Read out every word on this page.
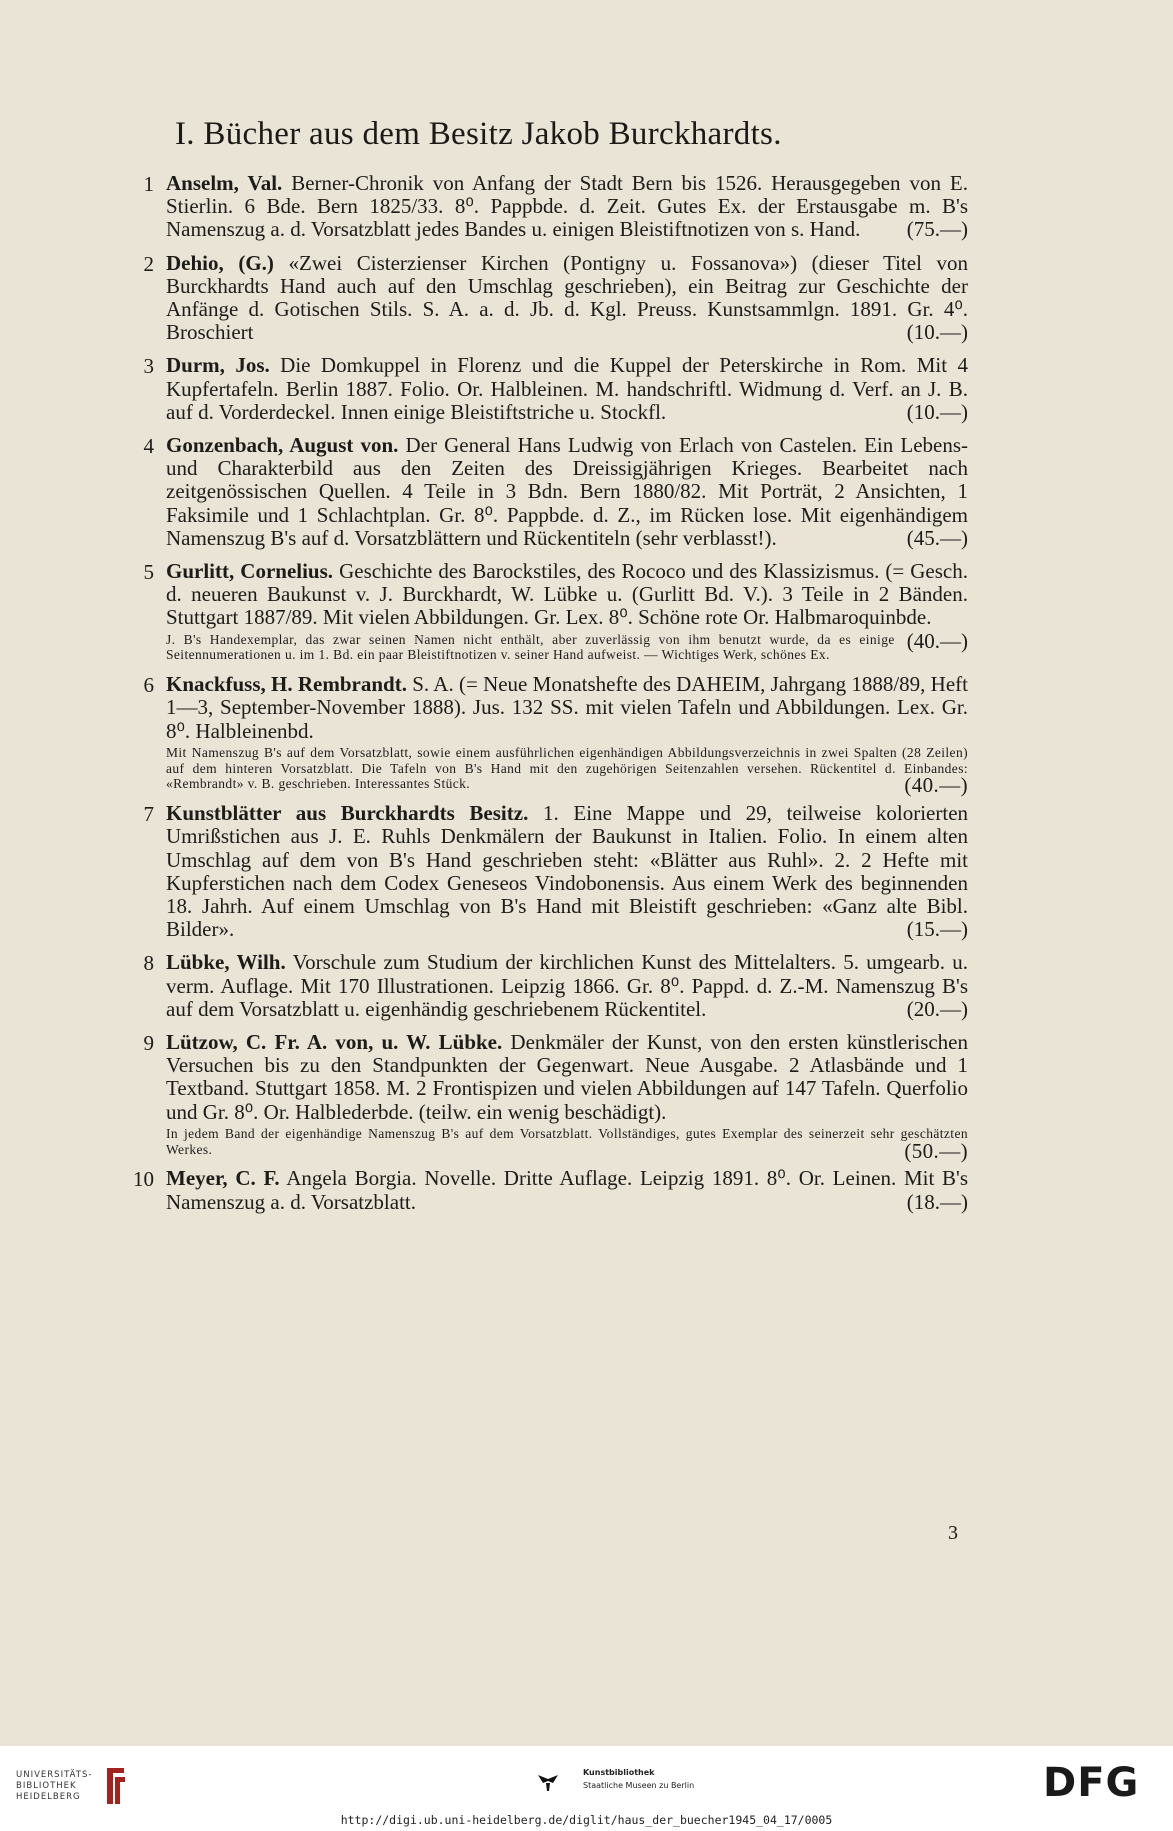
I. Bücher aus dem Besitz Jakob Burckhardts.
1 Anselm, Val. Berner-Chronik von Anfang der Stadt Bern bis 1526. Herausgegeben von E. Stierlin. 6 Bde. Bern 1825/33. 8⁰. Pappbde. d. Zeit. Gutes Ex. der Erstausgabe m. B's Namenszug a. d. Vorsatzblatt jedes Bandes u. einigen Bleistiftnotizen von s. Hand. (75.—)
2 Dehio, (G.) «Zwei Cisterzienser Kirchen (Pontigny u. Fossanova») (dieser Titel von Burckhardts Hand auch auf den Umschlag geschrieben), ein Beitrag zur Geschichte der Anfänge d. Gotischen Stils. S. A. a. d. Jb. d. Kgl. Preuss. Kunstsammlgn. 1891. Gr. 4⁰. Broschiert	(10.—)
3 Durm, Jos. Die Domkuppel in Florenz und die Kuppel der Peterskirche in Rom. Mit 4 Kupfertafeln. Berlin 1887. Folio. Or. Halbleinen. M. handschriftl. Widmung d. Verf. an J. B. auf d. Vorderdeckel. Innen einige Bleistiftstriche u. Stockfl.	(10.—)
4 Gonzenbach, August von. Der General Hans Ludwig von Erlach von Castelen. Ein Lebens- und Charakterbild aus den Zeiten des Dreissigjährigen Krieges. Bearbeitet nach zeitgenössischen Quellen. 4 Teile in 3 Bdn. Bern 1880/82. Mit Porträt, 2 Ansichten, 1 Faksimile und 1 Schlachtplan. Gr. 8⁰. Pappbde. d. Z., im Rücken lose. Mit eigenhändigem Namenszug B's auf d. Vorsatzblättern und Rückentiteln (sehr verblasst!).	(45.—)
5 Gurlitt, Cornelius. Geschichte des Barockstiles, des Rococo und des Klassizismus. (= Gesch. d. neueren Baukunst v. J. Burckhardt, W. Lübke u. (Gurlitt Bd. V.). 3 Teile in 2 Bänden. Stuttgart 1887/89. Mit vielen Abbildungen. Gr. Lex. 8⁰. Schöne rote Or. Halbmaroquinbde.
(40.—)
J. B's Handexemplar, das zwar seinen Namen nicht enthält, aber zuverlässig von ihm benutzt wurde, da es einige Seitennumerationen u. im 1. Bd. ein paar Bleistiftnotizen v. seiner Hand aufweist. — Wichtiges Werk, schönes Ex.
6 Knackfuss, H. Rembrandt. S. A. (= Neue Monatshefte des DAHEIM, Jahrgang 1888/89, Heft 1—3, September-November 1888). Jus. 132 SS. mit vielen Tafeln und Abbildungen. Lex. Gr. 8⁰. Halbleinenbd.
Mit Namenszug B's auf dem Vorsatzblatt, sowie einem ausführlichen eigenhändigen Abbildungsverzeichnis in zwei Spalten (28 Zeilen) auf dem hinteren Vorsatzblatt. Die Tafeln von B's Hand mit den zugehörigen Seitenzahlen versehen. Rückentitel d. Einbandes: «Rembrandt» v. B. geschrieben. Interessantes Stück.	(40.—)
7 Kunstblätter aus Burckhardts Besitz. 1. Eine Mappe und 29, teilweise kolorierten Umrißstichen aus J. E. Ruhls Denkmälern der Baukunst in Italien. Folio. In einem alten Umschlag auf dem von B's Hand geschrieben steht: «Blätter aus Ruhl». 2. 2 Hefte mit Kupferstichen nach dem Codex Geneseos Vindobonensis. Aus einem Werk des beginnenden 18. Jahrh. Auf einem Umschlag von B's Hand mit Bleistift geschrieben: «Ganz alte Bibl. Bilder».	(15.—)
8 Lübke, Wilh. Vorschule zum Studium der kirchlichen Kunst des Mittelalters. 5. umgearb. u. verm. Auflage. Mit 170 Illustrationen. Leipzig 1866. Gr. 8⁰. Pappd. d. Z.-M. Namenszug B's auf dem Vorsatzblatt u. eigenhändig geschriebenem Rückentitel.	(20.—)
9 Lützow, C. Fr. A. von, u. W. Lübke. Denkmäler der Kunst, von den ersten künstlerischen Versuchen bis zu den Standpunkten der Gegenwart. Neue Ausgabe. 2 Atlasbände und 1 Textband. Stuttgart 1858. M. 2 Frontispizen und vielen Abbildungen auf 147 Tafeln. Querfolio und Gr. 8⁰. Or. Halblederbde. (teilw. ein wenig beschädigt).
In jedem Band der eigenhändige Namenszug B's auf dem Vorsatzblatt. Vollständiges, gutes Exemplar des seinerzeit sehr geschätzten Werkes.	(50.—)
10 Meyer, C. F. Angela Borgia. Novelle. Dritte Auflage. Leipzig 1891. 8⁰. Or. Leinen. Mit B's Namenszug a. d. Vorsatzblatt.	(18.—)
3
UNIVERSITÄTS-
BIBLIOTHEK
HEIDELBERG
Kunstbibliothek
Staatliche Museen zu Berlin	DFG
http://digi.ub.uni-heidelberg.de/diglit/haus_der_buecher1945_04_17/0005
